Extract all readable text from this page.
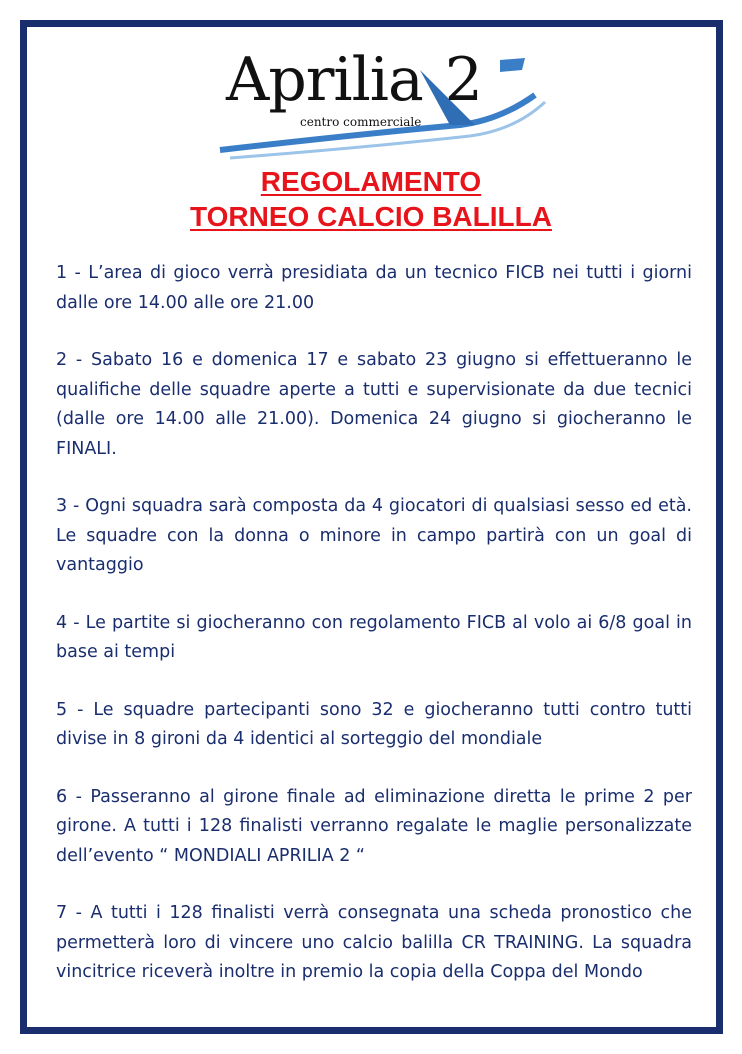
Aprilia 2
centro commerciale
REGOLAMENTO
TORNEO CALCIO BALILLA

1 - L’area di gioco verrà presidiata da un tecnico FICB nei tutti i giorni dalle ore 14.00 alle ore 21.00

2 - Sabato 16 e domenica 17 e sabato 23 giugno si effettueranno le qualifiche delle squadre aperte a tutti e supervisionate da due tecnici (dalle ore 14.00 alle 21.00). Domenica 24 giugno si giocheranno le FINALI.

3 - Ogni squadra sarà composta da 4 giocatori di qualsiasi sesso ed età. Le squadre con la donna o minore in campo partirà con un goal di vantaggio

4 - Le partite si giocheranno con regolamento FICB al volo ai 6/8 goal in base ai tempi

5 - Le squadre partecipanti sono 32 e giocheranno tutti contro tutti divise in 8 gironi da 4 identici al sorteggio del mondiale

6 - Passeranno al girone finale ad eliminazione diretta le prime 2 per girone. A tutti i 128 finalisti verranno regalate le maglie personalizzate dell’evento “ MONDIALI APRILIA 2 “

7 - A tutti i 128 finalisti verrà consegnata una scheda pronostico che permetterà loro di vincere uno calcio balilla CR TRAINING. La squadra vincitrice riceverà inoltre in premio la copia della Coppa del Mondo
